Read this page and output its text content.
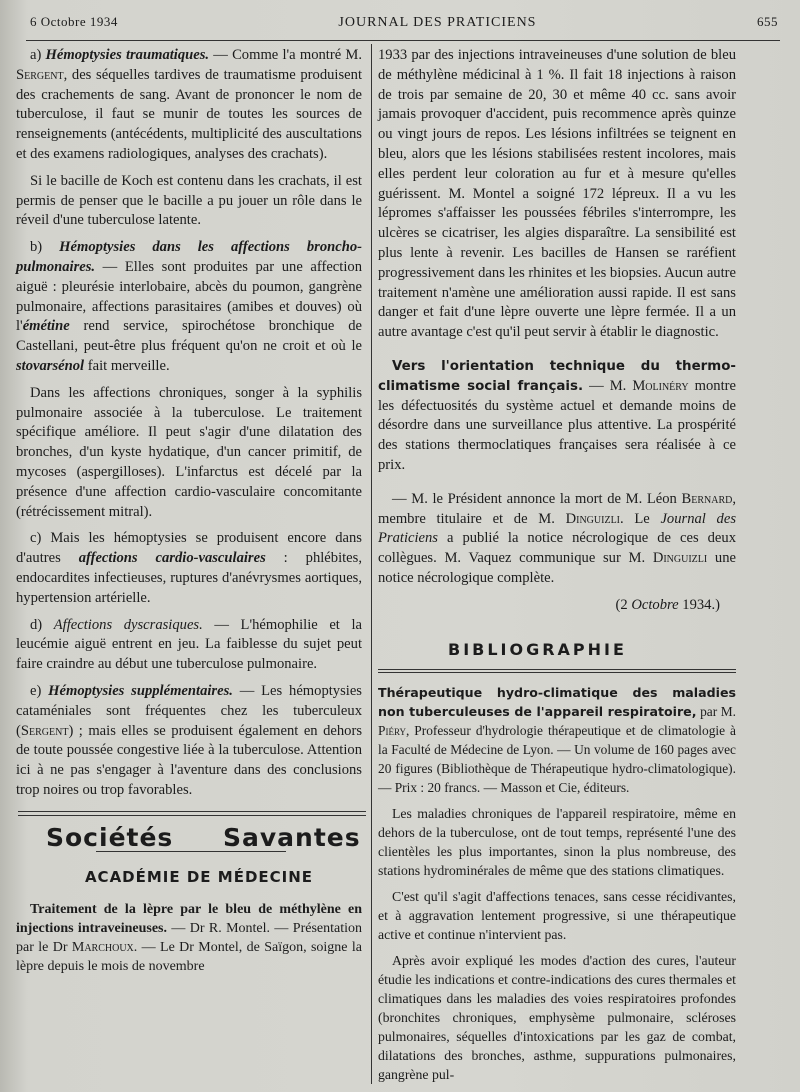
6 Octobre 1934	JOURNAL DES PRATICIENS	655

a) Hémoptysies traumatiques. — Comme l'a montré M. Sergent, des séquelles tardives de traumatisme produisent des crachements de sang. Avant de prononcer le nom de tuberculose, il faut se munir de toutes les sources de renseignements (antécédents, multiplicité des auscultations et des examens radiologiques, analyses des crachats).

Si le bacille de Koch est contenu dans les crachats, il est permis de penser que le bacille a pu jouer un rôle dans le réveil d'une tuberculose latente.

b) Hémoptysies dans les affections broncho-pulmonaires. — Elles sont produites par une affection aiguë : pleurésie interlobaire, abcès du poumon, gangrène pulmonaire, affections parasitaires (amibes et douves) où l'émétine rend service, spirochétose bronchique de Castellani, peut-être plus fréquent qu'on ne croit et où le stovarsénol fait merveille.

Dans les affections chroniques, songer à la syphilis pulmonaire associée à la tuberculose. Le traitement spécifique améliore. Il peut s'agir d'une dilatation des bronches, d'un kyste hydatique, d'un cancer primitif, de mycoses (aspergilloses). L'infarctus est décelé par la présence d'une affection cardio-vasculaire concomitante (rétrécissement mitral).

c) Mais les hémoptysies se produisent encore dans d'autres affections cardio-vasculaires : phlébites, endocardites infectieuses, ruptures d'anévrysmes aortiques, hypertension artérielle.

d) Affections dyscrasiques. — L'hémophilie et la leucémie aiguë entrent en jeu. La faiblesse du sujet peut faire craindre au début une tuberculose pulmonaire.

e) Hémoptysies supplémentaires. — Les hémoptysies cataméniales sont fréquentes chez les tuberculeux (Sergent) ; mais elles se produisent également en dehors de toute poussée congestive liée à la tuberculose. Attention ici à ne pas s'engager à l'aventure dans des conclusions trop noires ou trop favorables.

Sociétés Savantes
ACADÉMIE DE MÉDECINE

Traitement de la lèpre par le bleu de méthylène en injections intraveineuses. — Dr R. Montel. — Présentation par le Dr Marchoux. — Le Dr Montel, de Saïgon, soigne la lèpre depuis le mois de novembre

1933 par des injections intraveineuses d'une solution de bleu de méthylène médicinal à 1 %. Il fait 18 injections à raison de trois par semaine de 20, 30 et même 40 cc. sans avoir jamais provoquer d'accident, puis recommence après quinze ou vingt jours de repos. Les lésions infiltrées se teignent en bleu, alors que les lésions stabilisées restent incolores, mais elles perdent leur coloration au fur et à mesure qu'elles guérissent. M. Montel a soigné 172 lépreux. Il a vu les lépromes s'affaisser les poussées fébriles s'interrompre, les ulcères se cicatriser, les algies disparaître. La sensibilité est plus lente à revenir. Les bacilles de Hansen se raréfient progressivement dans les rhinites et les biopsies. Aucun autre traitement n'amène une amélioration aussi rapide. Il est sans danger et fait d'une lèpre ouverte une lèpre fermée. Il a un autre avantage c'est qu'il peut servir à établir le diagnostic.

Vers l'orientation technique du thermo-climatisme social français. — M. Molinéry montre les défectuosités du système actuel et demande moins de désordre dans une surveillance plus attentive. La prospérité des stations thermoclatiques françaises sera réalisée à ce prix.

— M. le Président annonce la mort de M. Léon Bernard, membre titulaire et de M. Dinguizli. Le Journal des Praticiens a publié la notice nécrologique de ces deux collègues. M. Vaquez communique sur M. Dinguizli une notice nécrologique complète.

(2 Octobre 1934.)

BIBLIOGRAPHIE

Thérapeutique hydro-climatique des maladies non tuberculeuses de l'appareil respiratoire, par M. Piéry, Professeur d'hydrologie thérapeutique et de climatologie à la Faculté de Médecine de Lyon. — Un volume de 160 pages avec 20 figures (Bibliothèque de Thérapeutique hydro-climatologique). — Prix : 20 francs. — Masson et Cie, éditeurs.

Les maladies chroniques de l'appareil respiratoire, même en dehors de la tuberculose, ont de tout temps, représenté l'une des clientèles les plus importantes, sinon la plus nombreuse, des stations hydrominérales de même que des stations climatiques.

C'est qu'il s'agit d'affections tenaces, sans cesse récidivantes, et à aggravation lentement progressive, si une thérapeutique active et continue n'intervient pas.

Après avoir expliqué les modes d'action des cures, l'auteur étudie les indications et contre-indications des cures thermales et climatiques dans les maladies des voies respiratoires profondes (bronchites chroniques, emphysème pulmonaire, scléroses pulmonaires, séquelles d'intoxications par les gaz de combat, dilatations des bronches, asthme, suppurations pulmonaires, gangrène pul-
